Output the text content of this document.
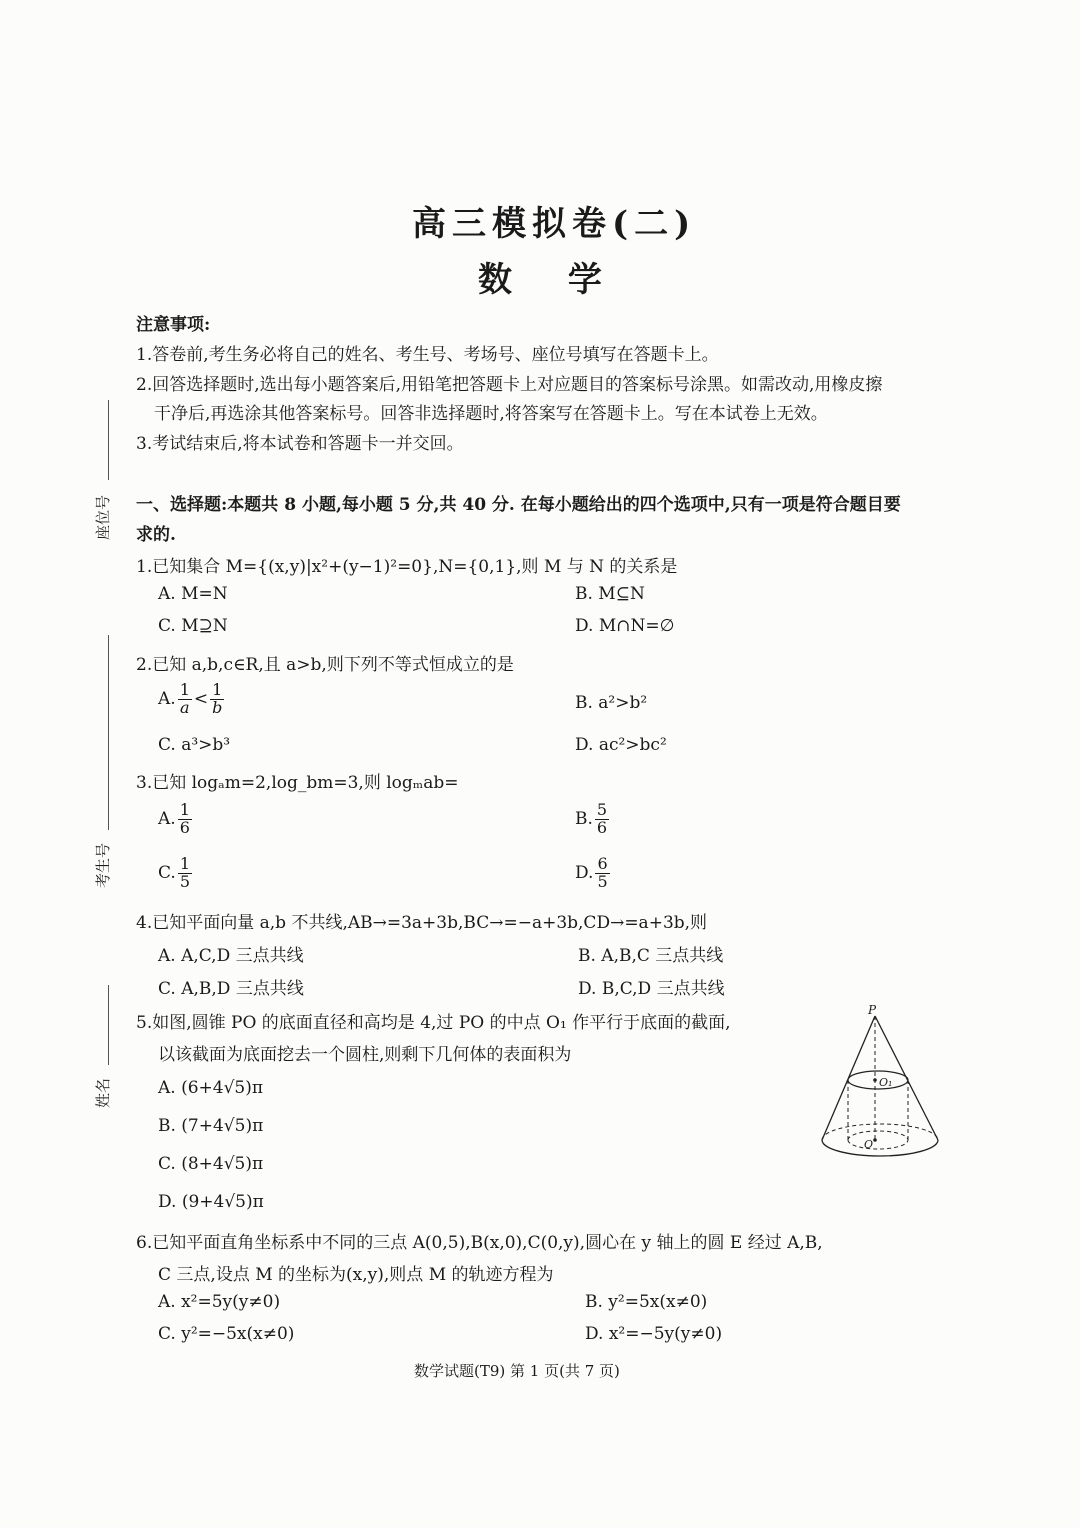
高三模拟卷(二)
数 学
注意事项:
1.答卷前,考生务必将自己的姓名、考生号、考场号、座位号填写在答题卡上。
2.回答选择题时,选出每小题答案后,用铅笔把答题卡上对应题目的答案标号涂黑。如需改动,用橡皮擦
干净后,再选涂其他答案标号。回答非选择题时,将答案写在答题卡上。写在本试卷上无效。
3.考试结束后,将本试卷和答题卡一并交回。
座位号
考生号
姓名
一、选择题:本题共 8 小题,每小题 5 分,共 40 分. 在每小题给出的四个选项中,只有一项是符合题目要
求的.
1.已知集合 M={(x,y)|x²+(y−1)²=0},N={0,1},则 M 与 N 的关系是
A. M=N	B. M⊆N
C. M⊇N	D. M∩N=∅
2.已知 a,b,c∈R,且 a>b,则下列不等式恒成立的是
A. $\frac{1}{a} < \frac{1}{b}$	B. a²>b²
C. a³>b³	D. ac²>bc²
3.已知 logₐm=2,log_bm=3,则 logₘab=
A. $\frac{1}{6}$	B. $\frac{5}{6}$
C. $\frac{1}{5}$	D. $\frac{6}{5}$
4.已知平面向量 a,b 不共线,AB→=3a+3b,BC→=−a+3b,CD→=a+3b,则
A. A,C,D 三点共线	B. A,B,C 三点共线
C. A,B,D 三点共线	D. B,C,D 三点共线
5.如图,圆锥 PO 的底面直径和高均是 4,过 PO 的中点 O₁ 作平行于底面的截面,
以该截面为底面挖去一个圆柱,则剩下几何体的表面积为
A. (6+4√5)π
B. (7+4√5)π
C. (8+4√5)π
D. (9+4√5)π
P
O₁
O
6.已知平面直角坐标系中不同的三点 A(0,5),B(x,0),C(0,y),圆心在 y 轴上的圆 E 经过 A,B,
C 三点,设点 M 的坐标为(x,y),则点 M 的轨迹方程为
A. x²=5y(y≠0)	B. y²=5x(x≠0)
C. y²=−5x(x≠0)	D. x²=−5y(y≠0)
数学试题(T9) 第 1 页(共 7 页)
